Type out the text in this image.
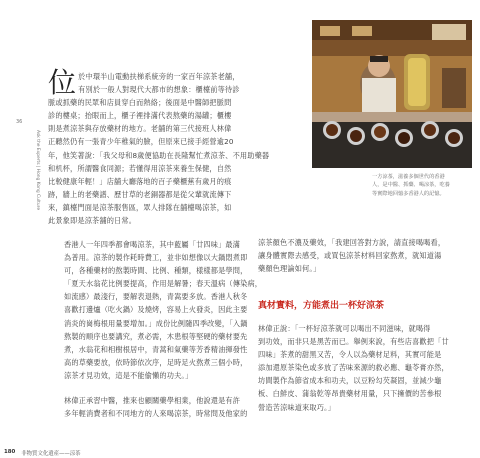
36
Ask the Experts | Hong Kong Culture
位 於中環半山電動扶梯系統旁的一家百年涼茶老舖，
有別於一般人對現代大都市的想象：櫃檯前等待診
脈或抓藥的民眾和店員穿白而熱絡；後面是中醫師把脈問
診的樓桌；抬眼而上，櫃子裡排滿代表熬藥的湯罐；櫃樓
則是煮涼茶與存放藥材的地方。老舖的第三代接班人林偉
正聽然仍有一張青少年稚氣的臉，但原來已接手經營逾20
年，他笑著說：「我父母和8歲便協助在長隆幫忙煮涼茶、不用助藥器
和机杯，所謂醫食同源；若懂得用涼茶來養生保健，自然
比較健康年輕！」店舖大廳落地的百子藥櫃蕉有歲月的痕
跡，牆上的老藥譜、歷甘草的老銅器都是從父輩就流傳下
來，鎮檯門面是涼茶服售區，眾人排隊在舖檯喝涼茶，如
此景象即是涼茶舖的日常。
香港人一年四季都會喝涼茶，其中藍屬「廿四味」最滿
為普用。涼茶的製作耗時費工，並非如想像以大鍋悶煮即
可，各種藥材的熬製時間、比例、種類，樣樣都是學問，
「夏天水翁花比例要提高，作用是解暑；春天溫病（傳染病，
如流感）最淺行，要解表退熱，青嵩要多放。香港人秋冬
喜歡打邊爐（吃火鍋）及燒烤，容易上火發炎，因此主要
消炎的崗梅根用量要增加。」成份比例隨四季改變，「入鍋
熬製的順序也要講究，煮必需，木患根等堅硬的藥材要先
煮，水翁花和相樹根居中，青蒿和氣藥等芳香精油揮發性
高的草藥要放，依時節依次序，足時足火熬煮三個小時，
涼茶才見功效，這是不能偷懶的功夫。」
林偉正承習中醫，推來也顧關藥學相業，他說還是有許
多年輕消費者和不同地方的人來喝涼茶，時常問及他家的
一方涼茶，滋養多個世代的香港人，是中醫、抓藥、喝涼茶，吃養等實際地回憶多香港人的記憶。
涼茶顏色不濃及藥效，「我建回答對方說，請直接喝喝看，
讓身體實際去感受，或買包涼茶材料回家熬煮，就知道湯
藥顏色理論如何。」
真材實料，方能煮出一杯好涼茶
林偉正說：「一杯好涼茶就可以喝出不同滋味，就喝得
到功效，而非只是黑苦而已。舉例來說，有些店喜歡把「廿
四味」茶煮的甜黑又苦，令人以為藥材足料，其實可能是
添加還原茶染色或多放了苦味來源的救必應、龜苓膏亦然，
坊間製作為節省成本和功夫，以豆粉勾芡凝固，並減少龜
板、白鮮皮、蒲翁乾等昂貴藥材用量，只下擁價的苦參根
營造苦涼味道來取巧。」
180 非物質文化遺產——涼茶
